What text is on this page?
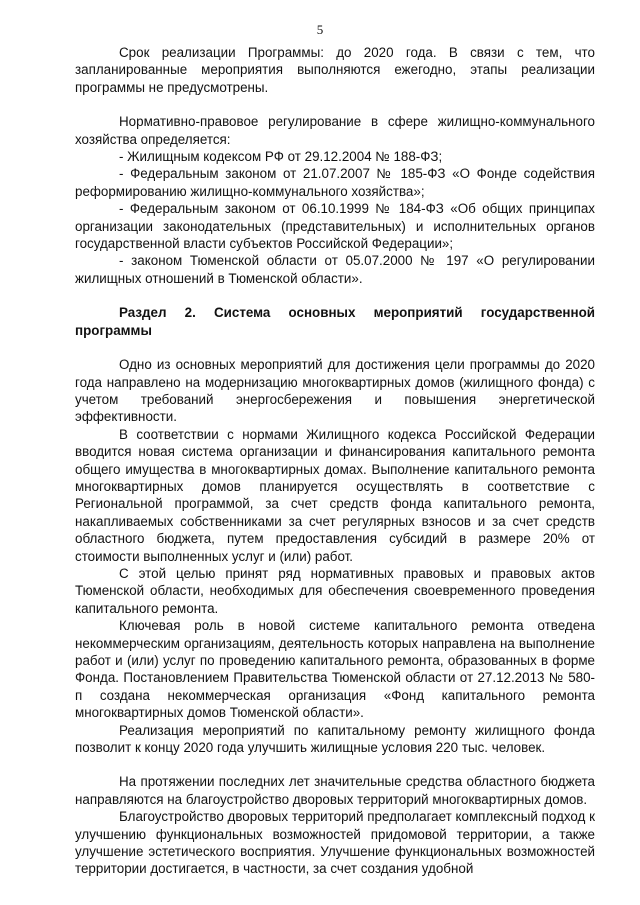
5

Срок реализации Программы: до 2020 года. В связи с тем, что запланированные мероприятия выполняются ежегодно, этапы реализации программы не предусмотрены.

Нормативно-правовое регулирование в сфере жилищно-коммунального хозяйства определяется:

- Жилищным кодексом РФ от 29.12.2004 № 188-ФЗ;

- Федеральным законом от 21.07.2007 № 185-ФЗ «О Фонде содействия реформированию жилищно-коммунального хозяйства»;

- Федеральным законом от 06.10.1999 № 184-ФЗ «Об общих принципах организации законодательных (представительных) и исполнительных органов государственной власти субъектов Российской Федерации»;

- законом Тюменской области от 05.07.2000 № 197 «О регулировании жилищных отношений в Тюменской области».

Раздел 2. Система основных мероприятий государственной программы

Одно из основных мероприятий для достижения цели программы до 2020 года направлено на модернизацию многоквартирных домов (жилищного фонда) с учетом требований энергосбережения и повышения энергетической эффективности.

В соответствии с нормами Жилищного кодекса Российской Федерации вводится новая система организации и финансирования капитального ремонта общего имущества в многоквартирных домах. Выполнение капитального ремонта многоквартирных домов планируется осуществлять в соответствие с Региональной программой, за счет средств фонда капитального ремонта, накапливаемых собственниками за счет регулярных взносов и за счет средств областного бюджета, путем предоставления субсидий в размере 20% от стоимости выполненных услуг и (или) работ.

С этой целью принят ряд нормативных правовых и правовых актов Тюменской области, необходимых для обеспечения своевременного проведения капитального ремонта.

Ключевая роль в новой системе капитального ремонта отведена некоммерческим организациям, деятельность которых направлена на выполнение работ и (или) услуг по проведению капитального ремонта, образованных в форме Фонда. Постановлением Правительства Тюменской области от 27.12.2013 № 580-п создана некоммерческая организация «Фонд капитального ремонта многоквартирных домов Тюменской области».

Реализация мероприятий по капитальному ремонту жилищного фонда позволит к концу 2020 года улучшить жилищные условия 220 тыс. человек.

На протяжении последних лет значительные средства областного бюджета направляются на благоустройство дворовых территорий многоквартирных домов.

Благоустройство дворовых территорий предполагает комплексный подход к улучшению функциональных возможностей придомовой территории, а также улучшение эстетического восприятия. Улучшение функциональных возможностей территории достигается, в частности, за счет создания удобной
